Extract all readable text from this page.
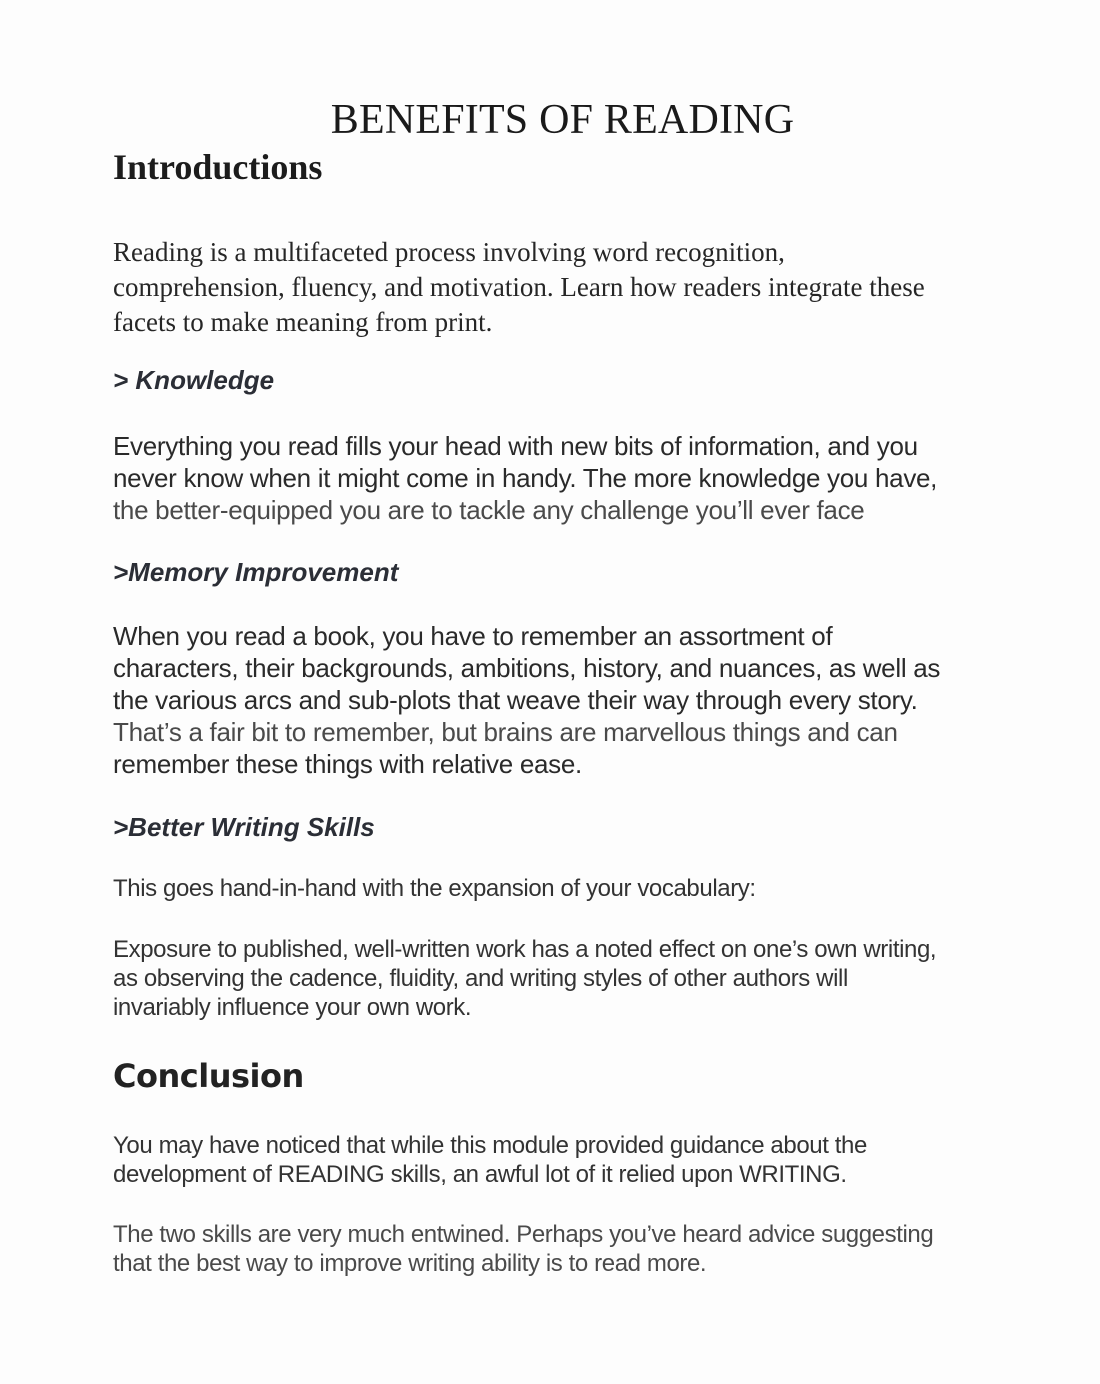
BENEFITS OF READING
Introductions

Reading is a multifaceted process involving word recognition,
comprehension, fluency, and motivation. Learn how readers integrate these
facets to make meaning from print.

> Knowledge

Everything you read fills your head with new bits of information, and you
never know when it might come in handy. The more knowledge you have,
the better-equipped you are to tackle any challenge you’ll ever face

>Memory Improvement

When you read a book, you have to remember an assortment of
characters, their backgrounds, ambitions, history, and nuances, as well as
the various arcs and sub-plots that weave their way through every story.
That’s a fair bit to remember, but brains are marvellous things and can
remember these things with relative ease.

>Better Writing Skills

This goes hand-in-hand with the expansion of your vocabulary:

Exposure to published, well-written work has a noted effect on one’s own writing,
as observing the cadence, fluidity, and writing styles of other authors will
invariably influence your own work.

Conclusion

You may have noticed that while this module provided guidance about the
development of READING skills, an awful lot of it relied upon WRITING.

The two skills are very much entwined. Perhaps you’ve heard advice suggesting
that the best way to improve writing ability is to read more.
